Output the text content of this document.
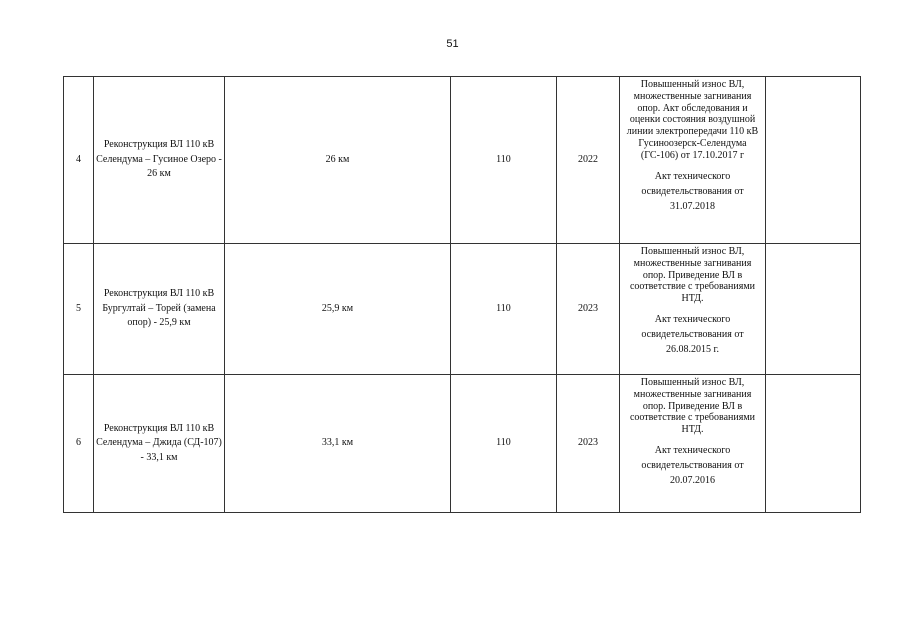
51
4	Реконструкция ВЛ 110 кВ Селендума – Гусиное Озеро - 26 км	26 км	110	2022	Повышенный износ ВЛ, множественные загнивания опор. Акт обследования и оценки состояния воздушной линии электропередачи 110 кВ Гусиноозерск-Селендума (ГС-106) от 17.10.2017 г
Акт технического освидетельствования от 31.07.2018	

5	Реконструкция ВЛ 110 кВ Бургултай – Торей (замена опор) - 25,9 км	25,9 км	110	2023	Повышенный износ ВЛ, множественные загнивания опор. Приведение ВЛ в соответствие с требованиями НТД.
Акт технического освидетельствования от 26.08.2015 г.	

6	Реконструкция ВЛ 110 кВ Селендума – Джида (СД-107) - 33,1 км	33,1 км	110	2023	Повышенный износ ВЛ, множественные загнивания опор. Приведение ВЛ в соответствие с требованиями НТД.
Акт технического освидетельствования от 20.07.2016	
